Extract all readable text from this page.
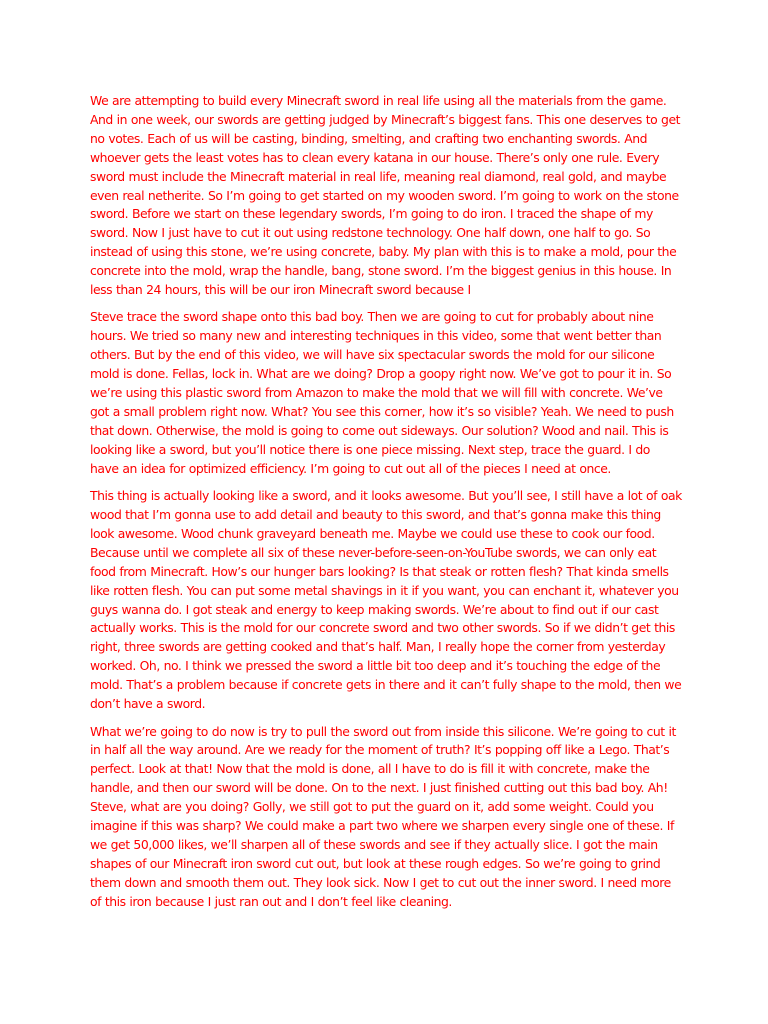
We are attempting to build every Minecraft sword in real life using all the materials from the game. And in one week, our swords are getting judged by Minecraft’s biggest fans. This one deserves to get no votes. Each of us will be casting, binding, smelting, and crafting two enchanting swords. And whoever gets the least votes has to clean every katana in our house. There’s only one rule. Every sword must include the Minecraft material in real life, meaning real diamond, real gold, and maybe even real netherite. So I’m going to get started on my wooden sword. I’m going to work on the stone sword. Before we start on these legendary swords, I’m going to do iron. I traced the shape of my sword. Now I just have to cut it out using redstone technology. One half down, one half to go. So instead of using this stone, we’re using concrete, baby. My plan with this is to make a mold, pour the concrete into the mold, wrap the handle, bang, stone sword. I’m the biggest genius in this house. In less than 24 hours, this will be our iron Minecraft sword because I

Steve trace the sword shape onto this bad boy. Then we are going to cut for probably about nine hours. We tried so many new and interesting techniques in this video, some that went better than others. But by the end of this video, we will have six spectacular swords the mold for our silicone mold is done. Fellas, lock in. What are we doing? Drop a goopy right now. We’ve got to pour it in. So we’re using this plastic sword from Amazon to make the mold that we will fill with concrete. We’ve got a small problem right now. What? You see this corner, how it’s so visible? Yeah. We need to push that down. Otherwise, the mold is going to come out sideways. Our solution? Wood and nail. This is looking like a sword, but you’ll notice there is one piece missing. Next step, trace the guard. I do have an idea for optimized efficiency. I’m going to cut out all of the pieces I need at once.

This thing is actually looking like a sword, and it looks awesome. But you’ll see, I still have a lot of oak wood that I’m gonna use to add detail and beauty to this sword, and that’s gonna make this thing look awesome. Wood chunk graveyard beneath me. Maybe we could use these to cook our food. Because until we complete all six of these never-before-seen-on-YouTube swords, we can only eat food from Minecraft. How’s our hunger bars looking? Is that steak or rotten flesh? That kinda smells like rotten flesh. You can put some metal shavings in it if you want, you can enchant it, whatever you guys wanna do. I got steak and energy to keep making swords. We’re about to find out if our cast actually works. This is the mold for our concrete sword and two other swords. So if we didn’t get this right, three swords are getting cooked and that’s half. Man, I really hope the corner from yesterday worked. Oh, no. I think we pressed the sword a little bit too deep and it’s touching the edge of the mold. That’s a problem because if concrete gets in there and it can’t fully shape to the mold, then we don’t have a sword.

What we’re going to do now is try to pull the sword out from inside this silicone. We’re going to cut it in half all the way around. Are we ready for the moment of truth? It’s popping off like a Lego. That’s perfect. Look at that! Now that the mold is done, all I have to do is fill it with concrete, make the handle, and then our sword will be done. On to the next. I just finished cutting out this bad boy. Ah! Steve, what are you doing? Golly, we still got to put the guard on it, add some weight. Could you imagine if this was sharp? We could make a part two where we sharpen every single one of these. If we get 50,000 likes, we’ll sharpen all of these swords and see if they actually slice. I got the main shapes of our Minecraft iron sword cut out, but look at these rough edges. So we’re going to grind them down and smooth them out. They look sick. Now I get to cut out the inner sword. I need more of this iron because I just ran out and I don’t feel like cleaning.
